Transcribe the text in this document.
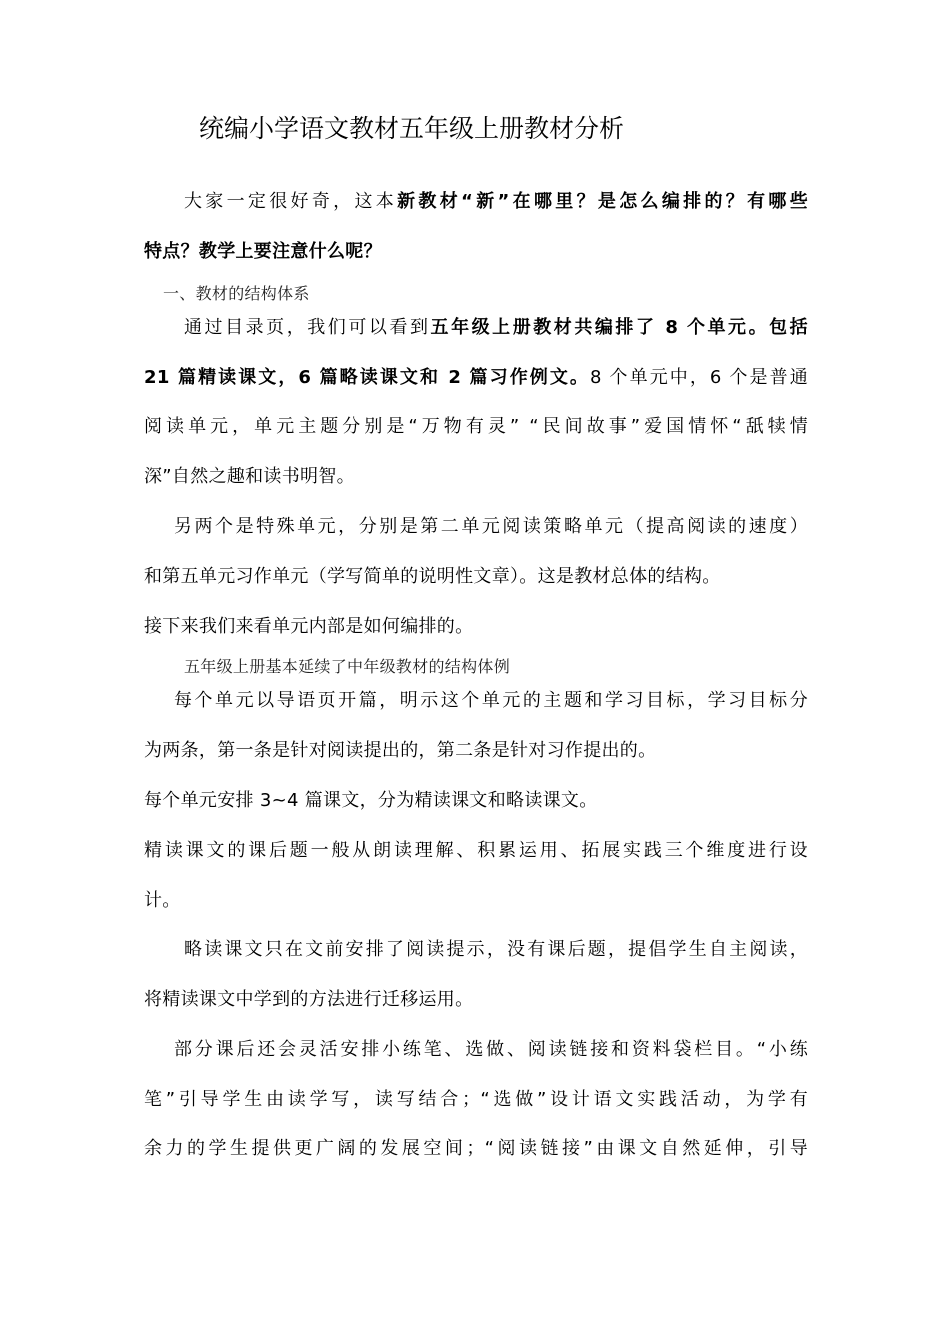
统编小学语文教材五年级上册教材分析
大家一定很好奇，这本新教材“新”在哪里？是怎么编排的？有哪些
特点？教学上要注意什么呢？
一、教材的结构体系
通过目录页，我们可以看到五年级上册教材共编排了 8 个单元。包括
21 篇精读课文，6 篇略读课文和 2 篇习作例文。8 个单元中，6 个是普通
阅读单元，单元主题分别是“万物有灵” “民间故事”爱国情怀“舐犊情
深”自然之趣和读书明智。
另两个是特殊单元，分别是第二单元阅读策略单元（提高阅读的速度）
和第五单元习作单元（学写简单的说明性文章）。这是教材总体的结构。
接下来我们来看单元内部是如何编排的。
五年级上册基本延续了中年级教材的结构体例
每个单元以导语页开篇，明示这个单元的主题和学习目标，学习目标分
为两条，第一条是针对阅读提出的，第二条是针对习作提出的。
每个单元安排 3~4 篇课文，分为精读课文和略读课文。
精读课文的课后题一般从朗读理解、积累运用、拓展实践三个维度进行设
计。
略读课文只在文前安排了阅读提示，没有课后题，提倡学生自主阅读，
将精读课文中学到的方法进行迁移运用。
部分课后还会灵活安排小练笔、选做、阅读链接和资料袋栏目。“小练
笔”引导学生由读学写，读写结合；“选做”设计语文实践活动，为学有
余力的学生提供更广阔的发展空间；“阅读链接”由课文自然延伸，引导
